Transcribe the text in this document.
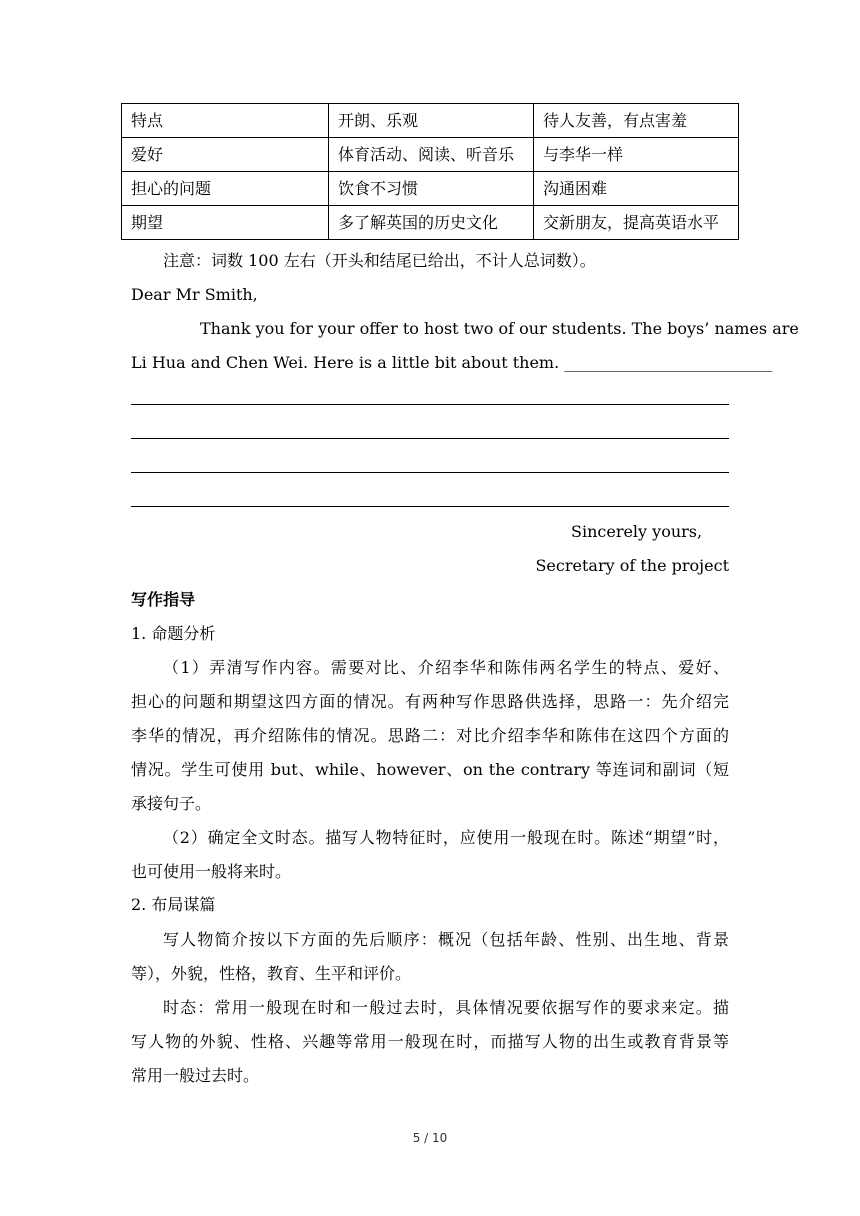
特点	开朗、乐观	待人友善，有点害羞
爱好	体育活动、阅读、听音乐	与李华一样
担心的问题	饮食不习惯	沟通困难
期望	多了解英国的历史文化	交新朋友，提高英语水平
注意：词数 100 左右（开头和结尾已给出，不计人总词数）。
Dear Mr Smith,
Thank you for your offer to host two of our students. The boys’ names are
Li Hua and Chen Wei. Here is a little bit about them. __________________________
Sincerely yours,
Secretary of the project
写作指导
1. 命题分析
（1）弄清写作内容。需要对比、介绍李华和陈伟两名学生的特点、爱好、
担心的问题和期望这四方面的情况。有两种写作思路供选择，思路一：先介绍完
李华的情况，再介绍陈伟的情况。思路二：对比介绍李华和陈伟在这四个方面的
情况。学生可使用 but、while、however、on the contrary 等连词和副词（短
承接句子。
（2）确定全文时态。描写人物特征时，应使用一般现在时。陈述“期望”时，
也可使用一般将来时。
2. 布局谋篇
写人物简介按以下方面的先后顺序：概况（包括年龄、性别、出生地、背景
等），外貌，性格，教育、生平和评价。
时态：常用一般现在时和一般过去时，具体情况要依据写作的要求来定。描
写人物的外貌、性格、兴趣等常用一般现在时，而描写人物的出生或教育背景等
常用一般过去时。
5 / 10
